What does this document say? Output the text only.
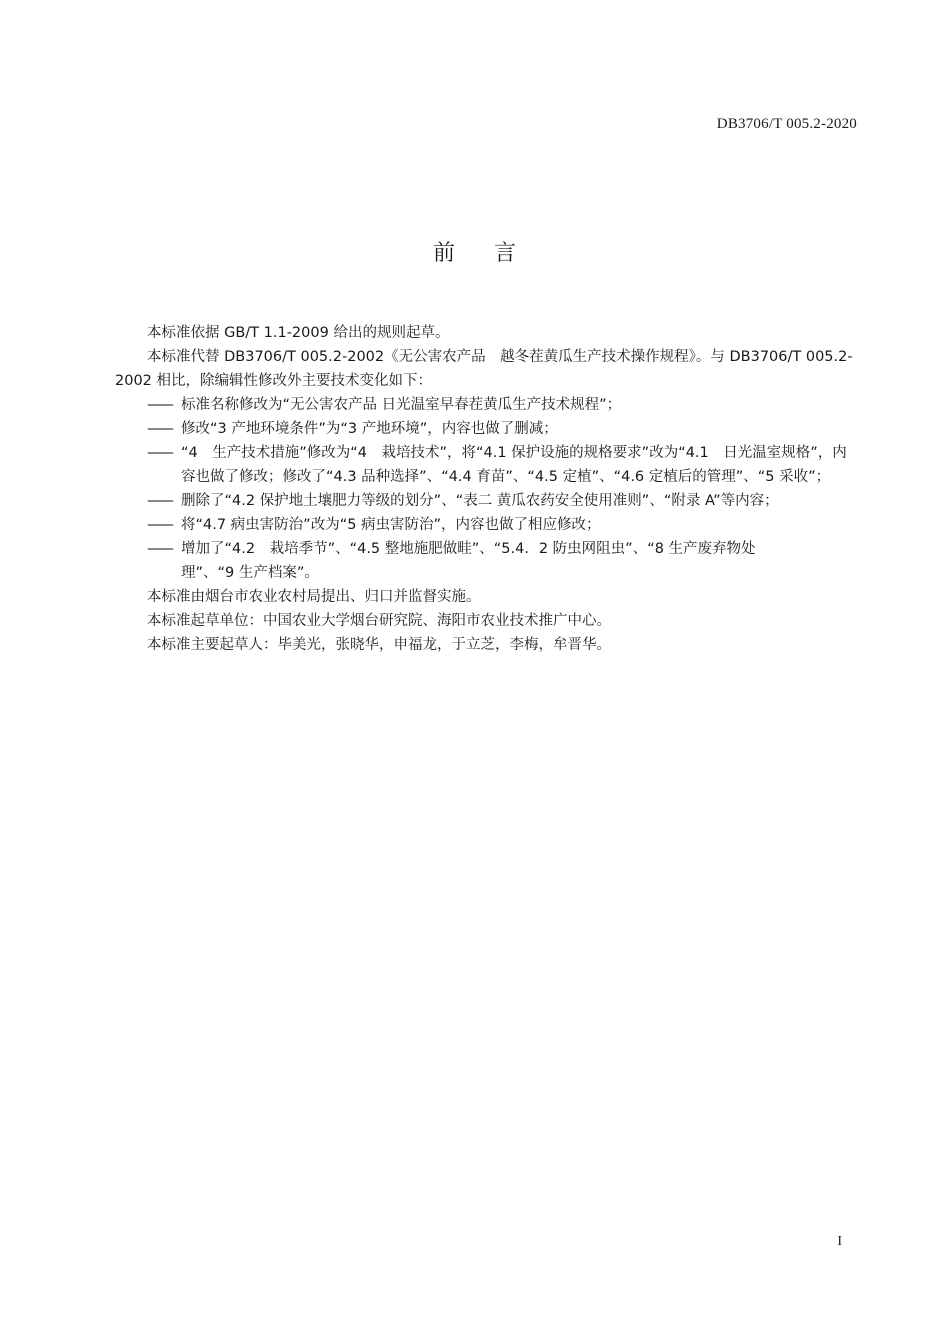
DB3706/T 005.2-2020
前 言

本标准依据 GB/T 1.1-2009 给出的规则起草。

本标准代替 DB3706/T 005.2-2002《无公害农产品　越冬茬黄瓜生产技术操作规程》。与 DB3706/T 005.2-2002 相比，除编辑性修改外主要技术变化如下：

—— 标准名称修改为“无公害农产品 日光温室早春茬黄瓜生产技术规程”；
—— 修改“3 产地环境条件”为“3 产地环境”，内容也做了删减；
—— “4　生产技术措施”修改为“4　栽培技术”，将“4.1 保护设施的规格要求”改为“4.1　日光温室规格”，内容也做了修改；修改了“4.3 品种选择”、“4.4 育苗”、“4.5 定植”、“4.6 定植后的管理”、“5 采收”；
—— 删除了“4.2 保护地土壤肥力等级的划分”、“表二 黄瓜农药安全使用准则”、“附录 A”等内容；
—— 将“4.7 病虫害防治”改为“5 病虫害防治”，内容也做了相应修改；
—— 增加了“4.2　栽培季节”、“4.5 整地施肥做畦”、“5.4．2 防虫网阻虫”、“8 生产废弃物处理”、“9 生产档案”。

本标准由烟台市农业农村局提出、归口并监督实施。

本标准起草单位：中国农业大学烟台研究院、海阳市农业技术推广中心。

本标准主要起草人：毕美光，张晓华，申福龙，于立芝，李梅，牟晋华。

I
